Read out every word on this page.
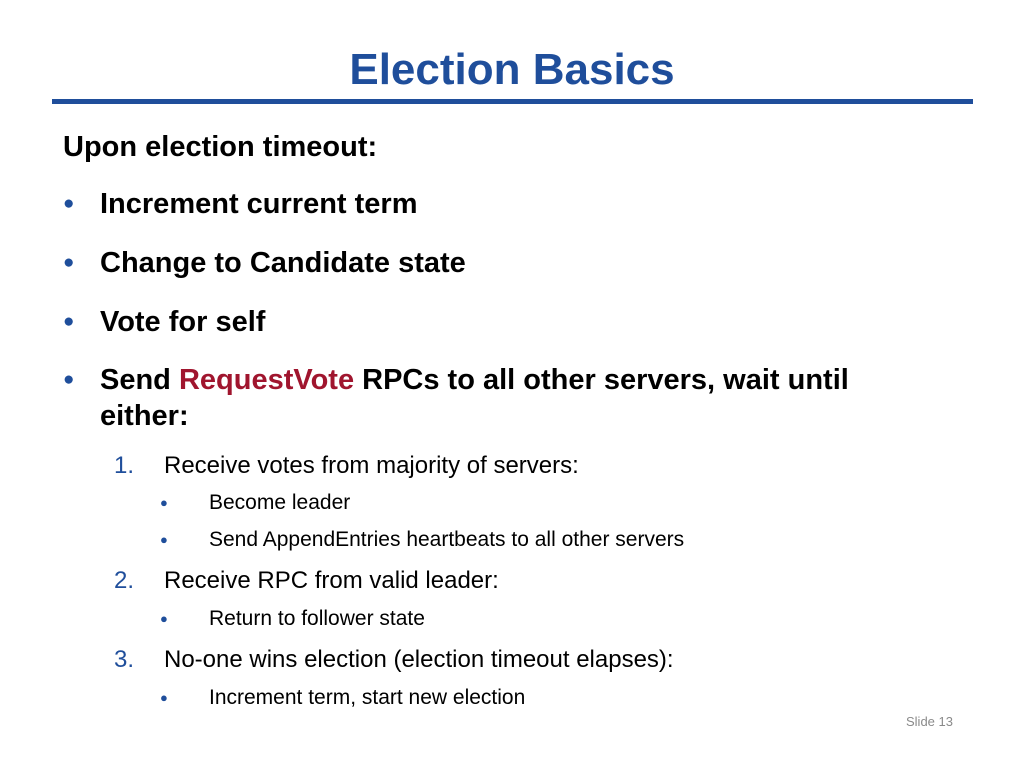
Election Basics
Upon election timeout:
● Increment current term
● Change to Candidate state
● Vote for self
● Send RequestVote RPCs to all other servers, wait until either:
1. Receive votes from majority of servers:
● Become leader
● Send AppendEntries heartbeats to all other servers
2. Receive RPC from valid leader:
● Return to follower state
3. No-one wins election (election timeout elapses):
● Increment term, start new election
Slide 13
